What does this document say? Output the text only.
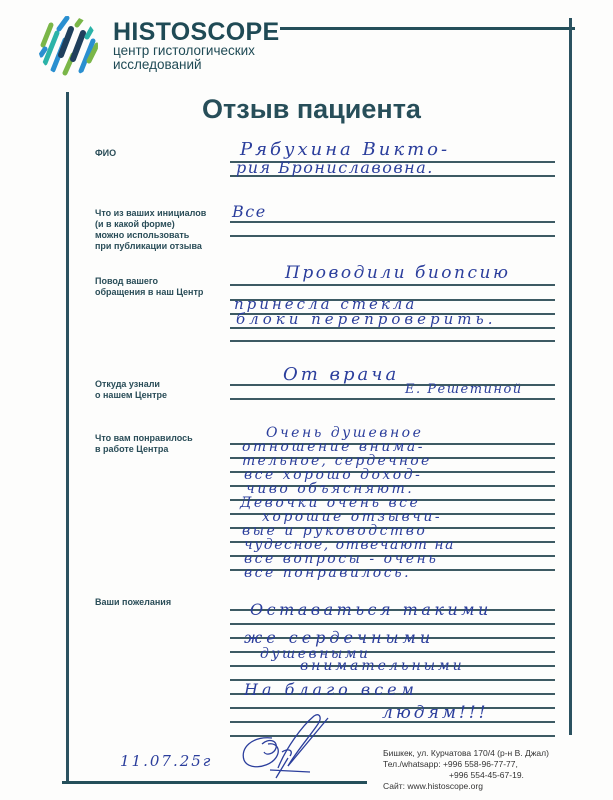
HISTOSCOPE
центр гистологических
исследований
Отзыв пациента
ФИО
Что из ваших инициалов
(и в какой форме)
можно использовать
при публикации отзыва
Повод вашего
обращения в наш Центр
Откуда узнали
о нашем Центре
Что вам понравилось
в работе Центра
Ваши пожелания
Рябухина Викто-
рия Брониславовна.
Все
Проводили биопсию
принесла стекла
блоки перепроверить.
От врача
Е. Решетиной
Очень душевное
отношение внима-
тельное, сердечное
все хорошо доход-
чиво объясняют.
Девочки очень все
хорошие отзывчи-
вые и руководство
чудесное, отвечают на
все вопросы - очень
все понравилось.
Оставаться такими
же сердечными
душевными
внимательными
На благо всем
людям!!!
11.07.25г	Бишкек, ул. Курчатова 170/4 (р-н В. Джал)
Тел./whatsapp: +996 558-96-77-77,
+996 554-45-67-19.
Сайт: www.histoscope.org
